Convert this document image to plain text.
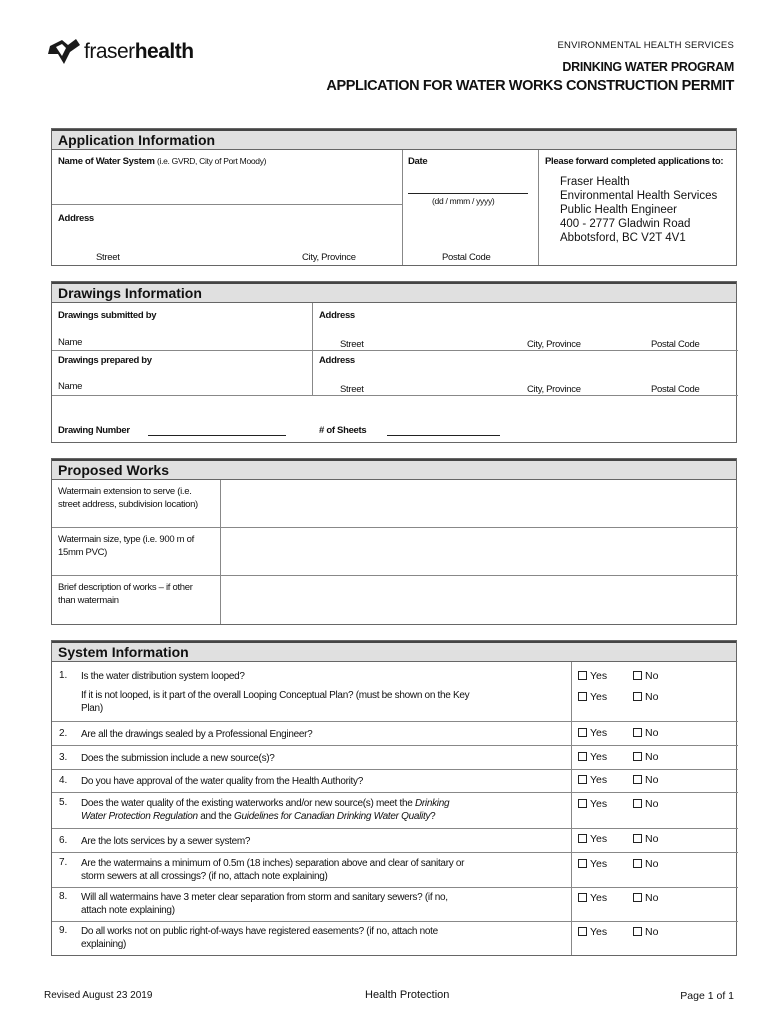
fraserhealth	ENVIRONMENTAL HEALTH SERVICES
DRINKING WATER PROGRAM
APPLICATION FOR WATER WORKS CONSTRUCTION PERMIT
Application Information
Name of Water System (i.e. GVRD, City of Port Moody)	Date
(dd / mmm / yyyy)
Address
Street	City, Province	Postal Code
Please forward completed applications to:
Fraser Health
Environmental Health Services
Public Health Engineer
400 - 2777 Gladwin Road
Abbotsford, BC V2T 4V1
Drawings Information
Drawings submitted by
Name
Address
Street	City, Province	Postal Code
Drawings prepared by
Name
Address
Street	City, Province	Postal Code
Drawing Number	# of Sheets
Proposed Works
Watermain extension to serve (i.e.
street address, subdivision location)
Watermain size, type (i.e. 900 m of
15mm PVC)
Brief description of works – if other
than watermain
System Information
1. Is the water distribution system looped?	Yes	No
If it is not looped, is it part of the overall Looping Conceptual Plan? (must be shown on the Key
Plan)
Yes	No
2. Are all the drawings sealed by a Professional Engineer?	Yes	No
3. Does the submission include a new source(s)?	Yes	No
4. Do you have approval of the water quality from the Health Authority?	Yes	No
5. Does the water quality of the existing waterworks and/or new source(s) meet the Drinking
Water Protection Regulation and the Guidelines for Canadian Drinking Water Quality?
Yes	No
6. Are the lots services by a sewer system?	Yes	No
7. Are the watermains a minimum of 0.5m (18 inches) separation above and clear of sanitary or
storm sewers at all crossings? (if no, attach note explaining)
Yes	No
8. Will all watermains have 3 meter clear separation from storm and sanitary sewers? (if no,
attach note explaining)
Yes	No
9. Do all works not on public right-of-ways have registered easements? (if no, attach note
explaining)
Yes	No
Revised August 23 2019	Health Protection	Page 1 of 1
